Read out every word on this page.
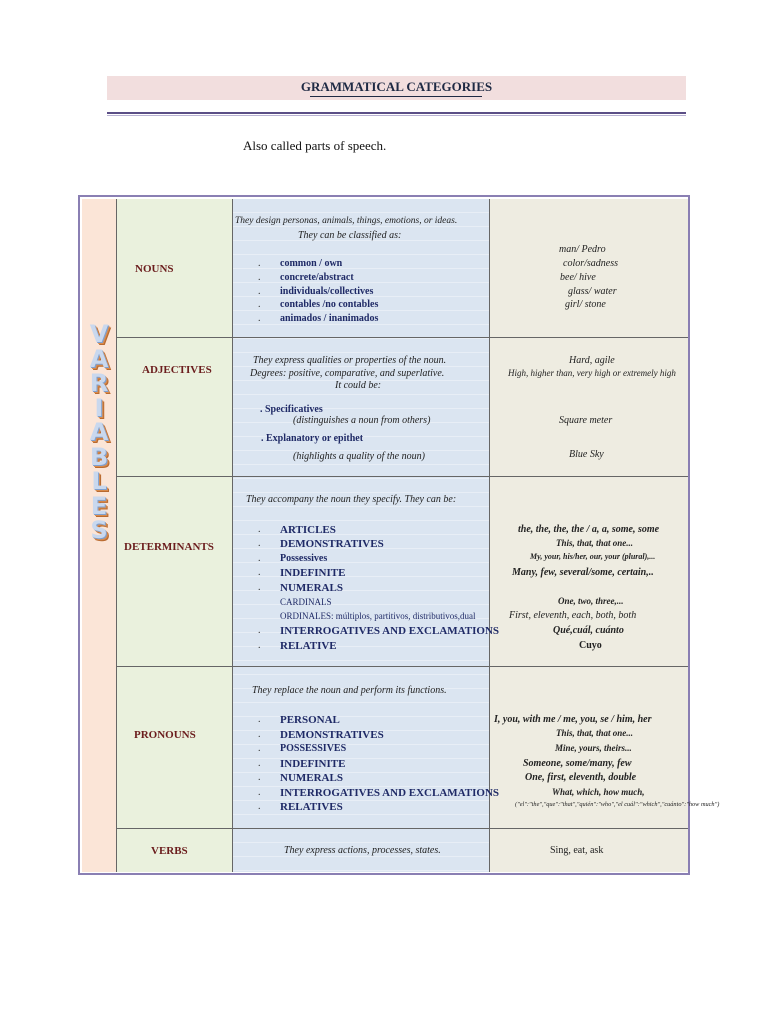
GRAMMATICAL CATEGORIES
Also called parts of speech.
V
A
R
I
A
B
L
E
S
NOUNS
They design personas, animals, things, emotions, or ideas.
They can be classified as:
.
.
.
.
.
common / own
concrete/abstract
individuals/collectives
contables /no contables
animados / inanimados
man/ Pedro
color/sadness
bee/ hive
glass/ water
girl/ stone
ADJECTIVES
They express qualities or properties of the noun.
Degrees: positive, comparative, and superlative.
It could be:
. Specificatives
(distinguishes a noun from others)
. Explanatory or epithet
(highlights a quality of the noun)
Hard, agile
High, higher than, very high or extremely high
Square meter
Blue Sky
DETERMINANTS
They accompany the noun they specify. They can be:
.
.
.
.
.
.
.
ARTICLES
DEMONSTRATIVES
Possessives
INDEFINITE
NUMERALS
CARDINALS
ORDINALES: múltiplos, partitivos, distributivos,dual
INTERROGATIVES AND EXCLAMATIONS
RELATIVE
the, the, the, the / a, a, some, some
This, that, that one...
My, your, his/her, our, your (plural),...
Many, few, several/some, certain,..
One, two, three,...
First, eleventh, each, both, both
Qué,cuál, cuánto
Cuyo
PRONOUNS
They replace the noun and perform its functions.
.
.
.
.
.
.
.
PERSONAL
DEMONSTRATIVES
POSSESSIVES
INDEFINITE
NUMERALS
INTERROGATIVES AND EXCLAMATIONS
RELATIVES
I, you, with me / me, you, se / him, her
This, that, that one...
Mine, yours, theirs...
Someone, some/many, few
One, first, eleventh, double
What, which, how much,
("el":"the","que":"that","quién":"who","el cuál":"which","cuánto":"how much")
VERBS	They express actions, processes, states.	Sing, eat, ask
